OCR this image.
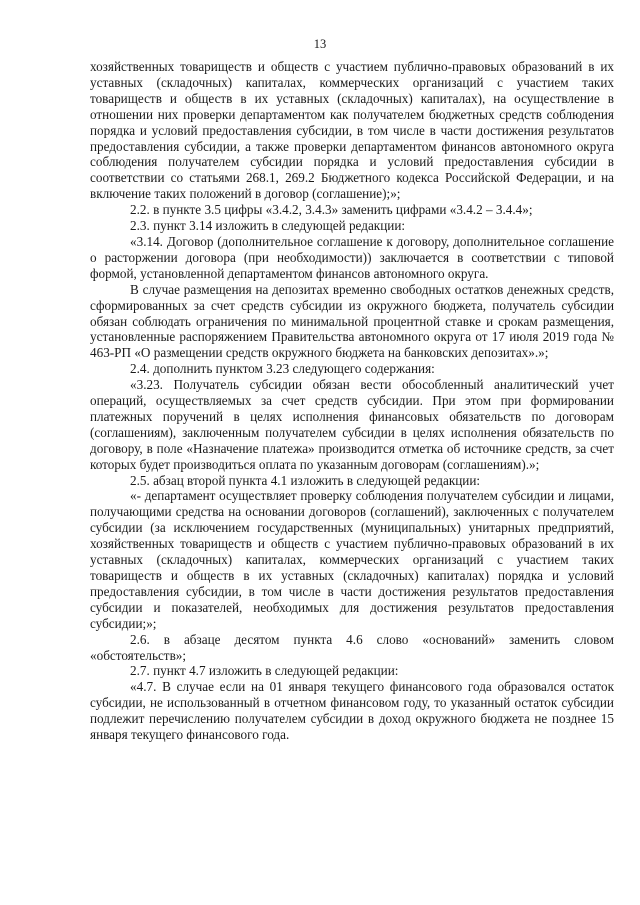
13

хозяйственных товариществ и обществ с участием публично-правовых образований в их уставных (складочных) капиталах, коммерческих организаций с участием таких товариществ и обществ в их уставных (складочных) капиталах), на осуществление в отношении них проверки департаментом как получателем бюджетных средств соблюдения порядка и условий предоставления субсидии, в том числе в части достижения результатов предоставления субсидии, а также проверки департаментом финансов автономного округа соблюдения получателем субсидии порядка и условий предоставления субсидии в соответствии со статьями 268.1, 269.2 Бюджетного кодекса Российской Федерации, и на включение таких положений в договор (соглашение);»;

2.2. в пункте 3.5 цифры «3.4.2, 3.4.3» заменить цифрами «3.4.2 – 3.4.4»;

2.3. пункт 3.14 изложить в следующей редакции:

«3.14. Договор (дополнительное соглашение к договору, дополнительное соглашение о расторжении договора (при необходимости)) заключается в соответствии с типовой формой, установленной департаментом финансов автономного округа.

В случае размещения на депозитах временно свободных остатков денежных средств, сформированных за счет средств субсидии из окружного бюджета, получатель субсидии обязан соблюдать ограничения по минимальной процентной ставке и срокам размещения, установленные распоряжением Правительства автономного округа от 17 июля 2019 года № 463-РП «О размещении средств окружного бюджета на банковских депозитах».»;

2.4. дополнить пунктом 3.23 следующего содержания:

«3.23. Получатель субсидии обязан вести обособленный аналитический учет операций, осуществляемых за счет средств субсидии. При этом при формировании платежных поручений в целях исполнения финансовых обязательств по договорам (соглашениям), заключенным получателем субсидии в целях исполнения обязательств по договору, в поле «Назначение платежа» производится отметка об источнике средств, за счет которых будет производиться оплата по указанным договорам (соглашениям).»;

2.5. абзац второй пункта 4.1 изложить в следующей редакции:

«- департамент осуществляет проверку соблюдения получателем субсидии и лицами, получающими средства на основании договоров (соглашений), заключенных с получателем субсидии (за исключением государственных (муниципальных) унитарных предприятий, хозяйственных товариществ и обществ с участием публично-правовых образований в их уставных (складочных) капиталах, коммерческих организаций с участием таких товариществ и обществ в их уставных (складочных) капиталах) порядка и условий предоставления субсидии, в том числе в части достижения результатов предоставления субсидии и показателей, необходимых для достижения результатов предоставления субсидии;»;

2.6. в абзаце десятом пункта 4.6 слово «оснований» заменить словом «обстоятельств»;

2.7. пункт 4.7 изложить в следующей редакции:

«4.7. В случае если на 01 января текущего финансового года образовался остаток субсидии, не использованный в отчетном финансовом году, то указанный остаток субсидии подлежит перечислению получателем субсидии в доход окружного бюджета не позднее 15 января текущего финансового года.
